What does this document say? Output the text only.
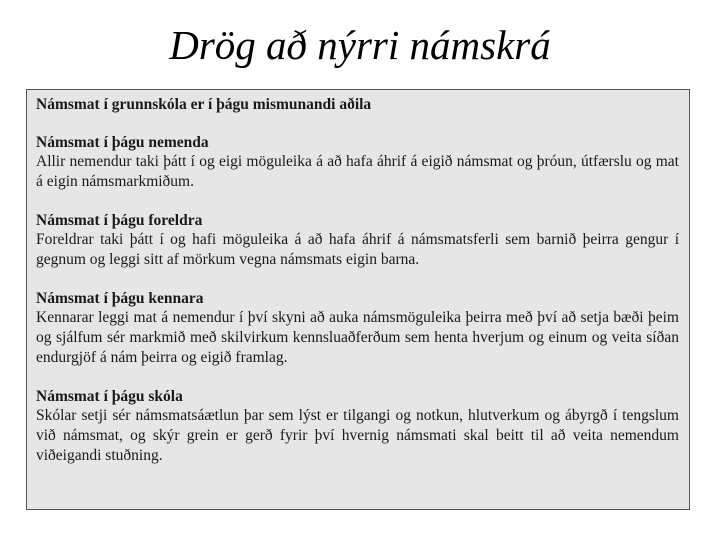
Drög að nýrri námskrá

Námsmat í grunnskóla er í þágu mismunandi aðila

Námsmat í þágu nemenda

Allir nemendur taki þátt í og eigi möguleika á að hafa áhrif á eigið námsmat og þróun, útfærslu og mat á eigin námsmarkmiðum.

Námsmat í þágu foreldra

Foreldrar taki þátt í og hafi möguleika á að hafa áhrif á námsmatsferli sem barnið þeirra gengur í gegnum og leggi sitt af mörkum vegna námsmats eigin barna.

Námsmat í þágu kennara

Kennarar leggi mat á nemendur í því skyni að auka námsmöguleika þeirra með því að setja bæði þeim og sjálfum sér markmið með skilvirkum kennsluaðferðum sem henta hverjum og einum og veita síðan endurgjöf á nám þeirra og eigið framlag.

Námsmat í þágu skóla

Skólar setji sér námsmatsáætlun þar sem lýst er tilgangi og notkun, hlutverkum og ábyrgð í tengslum við námsmat, og skýr grein er gerð fyrir því hvernig námsmati skal beitt til að veita nemendum viðeigandi stuðning.
